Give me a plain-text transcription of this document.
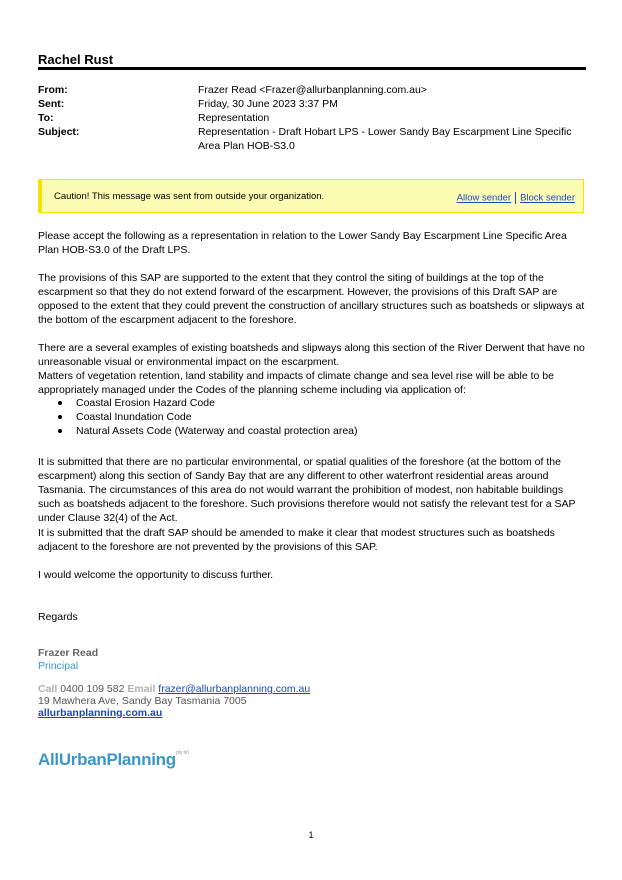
Rachel Rust
From:	Frazer Read <Frazer@allurbanplanning.com.au>
Sent:	Friday, 30 June 2023 3:37 PM
To:	Representation
Subject:	Representation - Draft Hobart LPS - Lower Sandy Bay Escarpment Line Specific Area Plan HOB-S3.0
Caution! This message was sent from outside your organization.	Allow sender Block sender
Please accept the following as a representation in relation to the Lower Sandy Bay Escarpment Line Specific Area Plan HOB-S3.0 of the Draft LPS.
The provisions of this SAP are supported to the extent that they control the siting of buildings at the top of the escarpment so that they do not extend forward of the escarpment. However, the provisions of this Draft SAP are opposed to the extent that they could prevent the construction of ancillary structures such as boatsheds or slipways at the bottom of the escarpment adjacent to the foreshore.
There are a several examples of existing boatsheds and slipways along this section of the River Derwent that have no unreasonable visual or environmental impact on the escarpment.
Matters of vegetation retention, land stability and impacts of climate change and sea level rise will be able to be appropriately managed under the Codes of the planning scheme including via application of:
Coastal Erosion Hazard Code
Coastal Inundation Code
Natural Assets Code (Waterway and coastal protection area)
It is submitted that there are no particular environmental, or spatial qualities of the foreshore (at the bottom of the escarpment) along this section of Sandy Bay that are any different to other waterfront residential areas around Tasmania. The circumstances of this area do not would warrant the prohibition of modest, non habitable buildings such as boatsheds adjacent to the foreshore. Such provisions therefore would not satisfy the relevant test for a SAP under Clause 32(4) of the Act.
It is submitted that the draft SAP should be amended to make it clear that modest structures such as boatsheds adjacent to the foreshore are not prevented by the provisions of this SAP.
I would welcome the opportunity to discuss further.
Regards
Frazer Read
Principal
Call 0400 109 582 Email frazer@allurbanplanning.com.au
19 Mawhera Ave, Sandy Bay Tasmania 7005
allurbanplanning.com.au
AllUrbanPlanning$^{pty ltd}$
1
